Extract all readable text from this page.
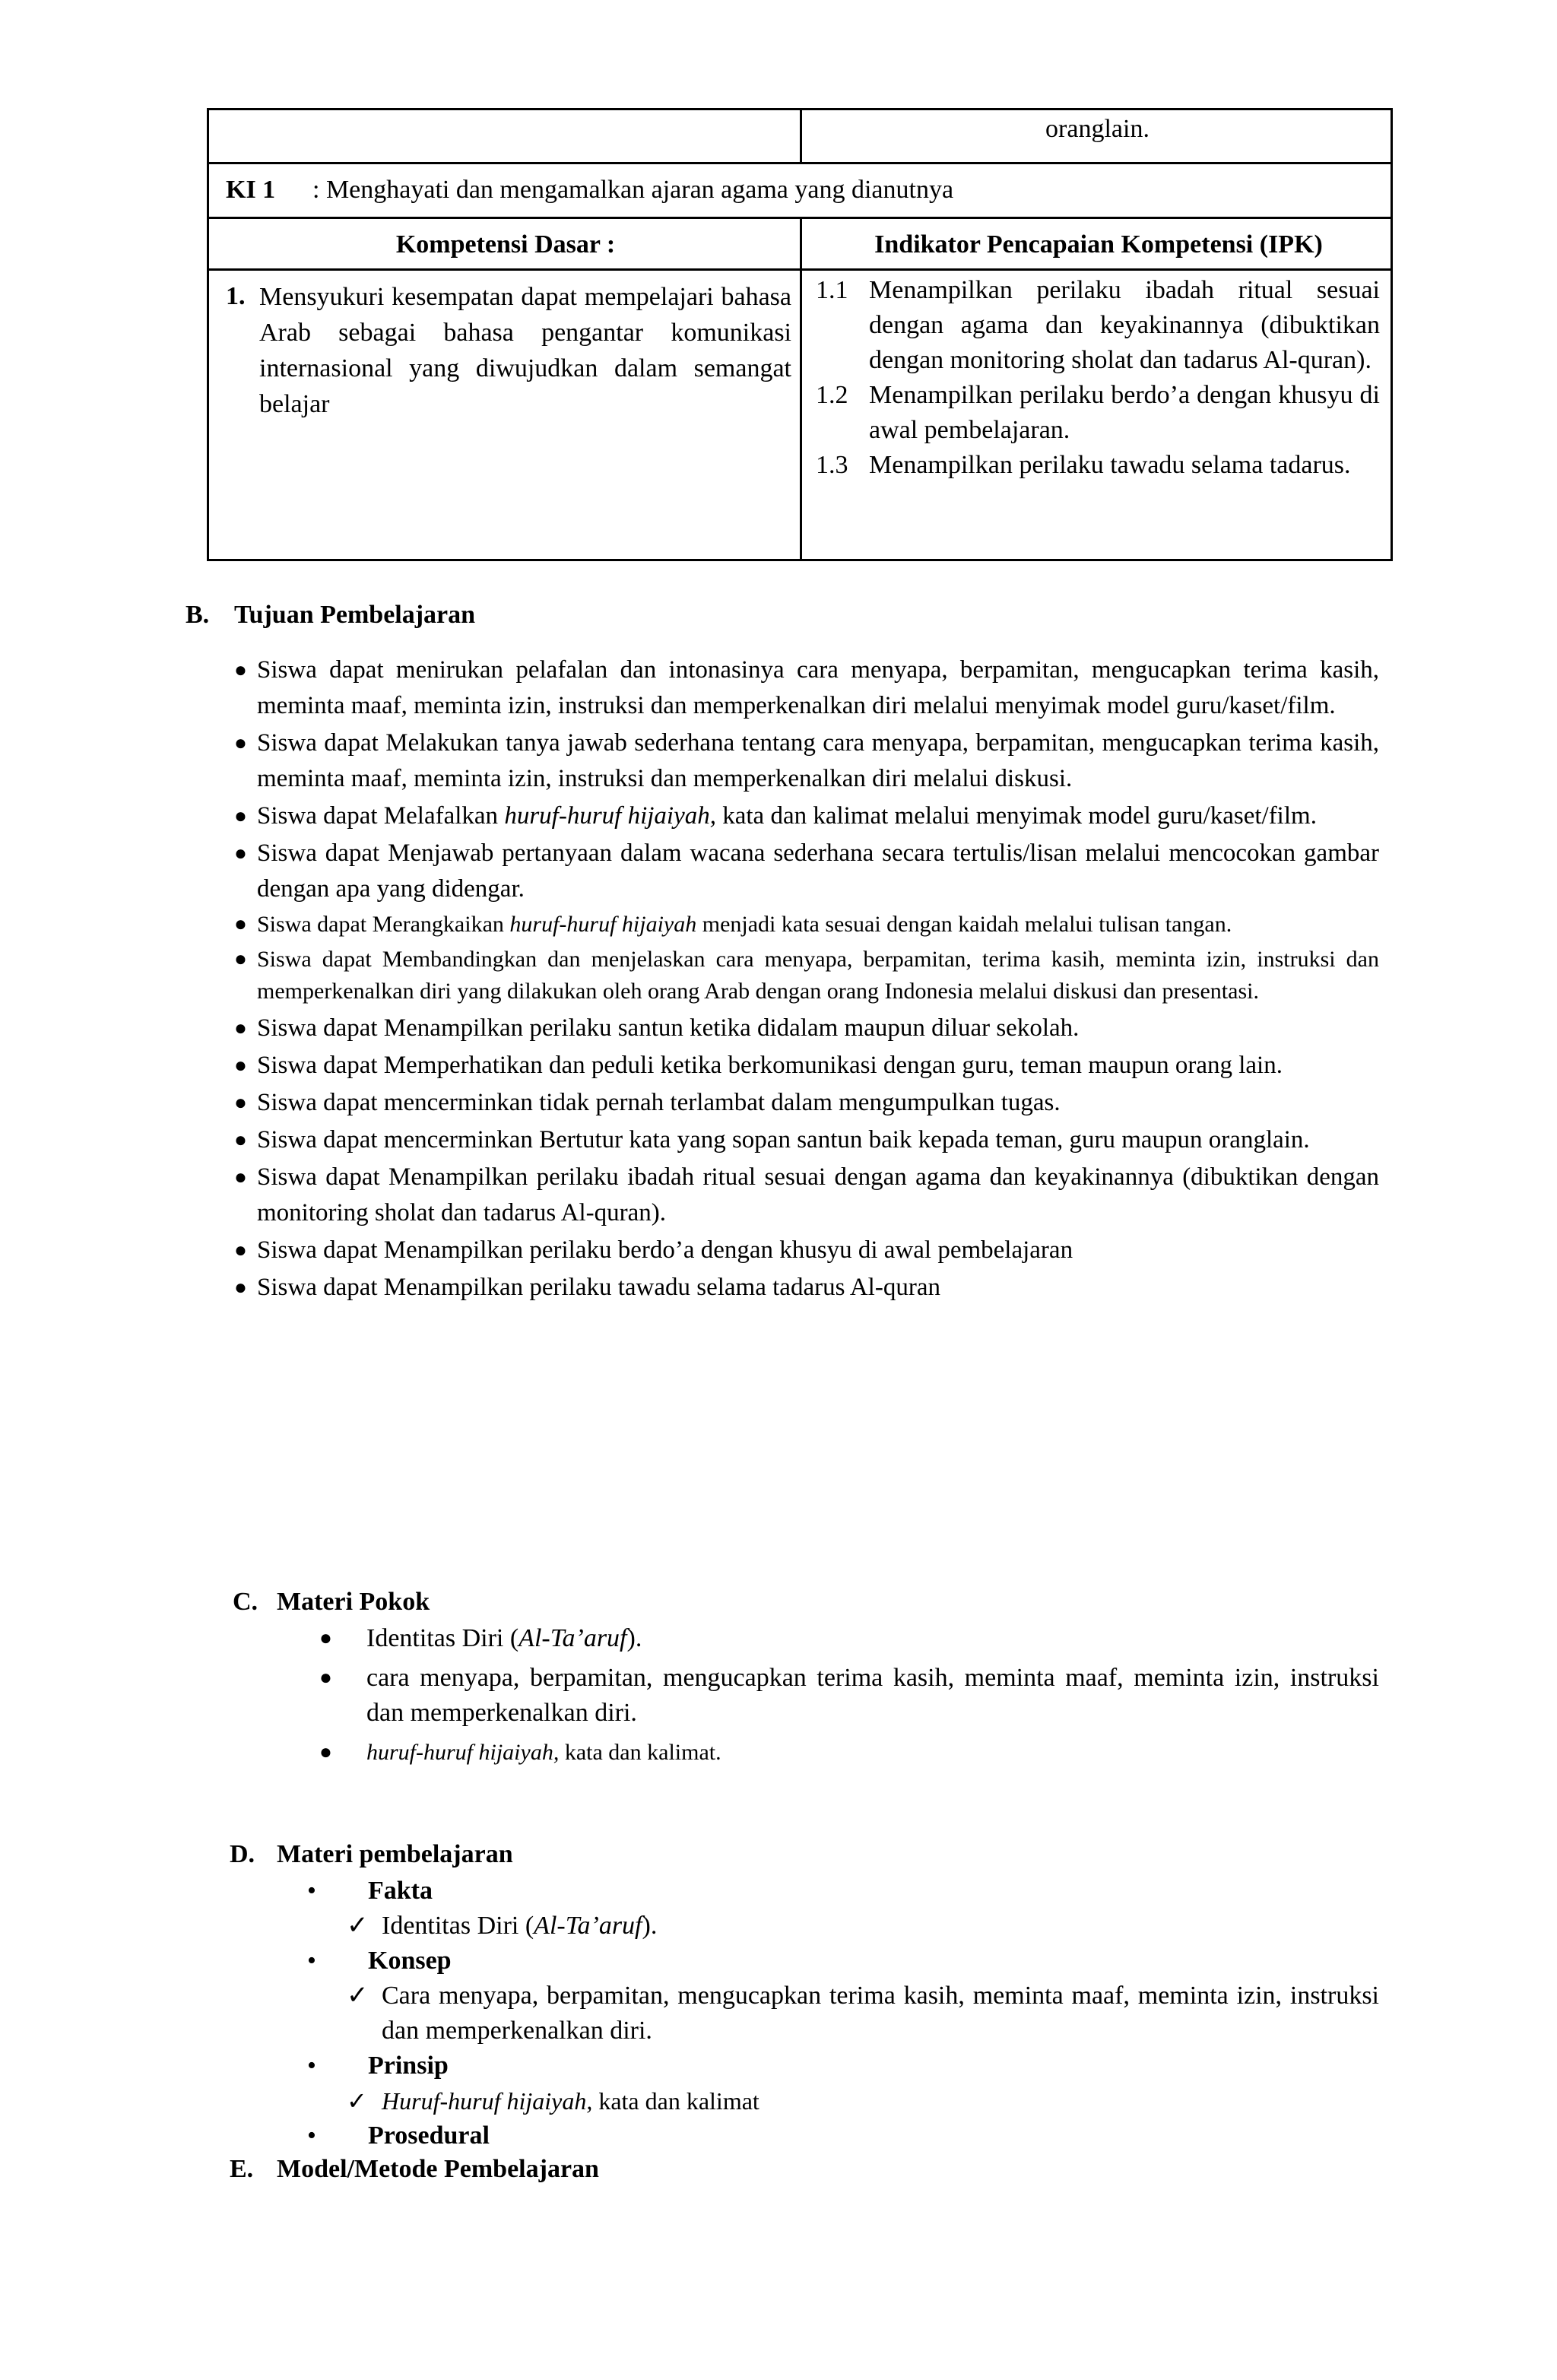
oranglain.
KI 1 : Menghayati dan mengamalkan ajaran agama yang dianutnya
Kompetensi Dasar :	Indikator Pencapaian Kompetensi (IPK)
1. Mensyukuri kesempatan dapat mempelajari bahasa Arab sebagai bahasa pengantar komunikasi internasional yang diwujudkan dalam semangat belajar
1.1 Menampilkan perilaku ibadah ritual sesuai dengan agama dan keyakinannya (dibuktikan dengan monitoring sholat dan tadarus Al-quran).
1.2 Menampilkan perilaku berdo’a dengan khusyu di awal pembelajaran.
1.3 Menampilkan perilaku tawadu selama tadarus.
B. Tujuan Pembelajaran
● Siswa dapat menirukan pelafalan dan intonasinya cara menyapa, berpamitan, mengucapkan terima kasih, meminta maaf, meminta izin, instruksi dan memperkenalkan diri melalui menyimak model guru/kaset/film.
● Siswa dapat Melakukan tanya jawab sederhana tentang cara menyapa, berpamitan, mengucapkan terima kasih, meminta maaf, meminta izin, instruksi dan memperkenalkan diri melalui diskusi.
● Siswa dapat Melafalkan huruf-huruf hijaiyah, kata dan kalimat melalui menyimak model guru/kaset/film.
● Siswa dapat Menjawab pertanyaan dalam wacana sederhana secara tertulis/lisan melalui mencocokan gambar dengan apa yang didengar.
● Siswa dapat Merangkaikan huruf-huruf hijaiyah menjadi kata sesuai dengan kaidah melalui tulisan tangan.
● Siswa dapat Membandingkan dan menjelaskan cara menyapa, berpamitan, terima kasih, meminta izin, instruksi dan memperkenalkan diri yang dilakukan oleh orang Arab dengan orang Indonesia melalui diskusi dan presentasi.
● Siswa dapat Menampilkan perilaku santun ketika didalam maupun diluar sekolah.
● Siswa dapat Memperhatikan dan peduli ketika berkomunikasi dengan guru, teman maupun orang lain.
● Siswa dapat mencerminkan tidak pernah terlambat dalam mengumpulkan tugas.
● Siswa dapat mencerminkan Bertutur kata yang sopan santun baik kepada teman, guru maupun oranglain.
● Siswa dapat Menampilkan perilaku ibadah ritual sesuai dengan agama dan keyakinannya (dibuktikan dengan monitoring sholat dan tadarus Al-quran).
● Siswa dapat Menampilkan perilaku berdo’a dengan khusyu di awal pembelajaran
● Siswa dapat Menampilkan perilaku tawadu selama tadarus Al-quran
C. Materi Pokok
● Identitas Diri (Al-Ta’aruf).
● cara menyapa, berpamitan, mengucapkan terima kasih, meminta maaf, meminta izin, instruksi dan memperkenalkan diri.
● huruf-huruf hijaiyah, kata dan kalimat.
D. Materi pembelajaran
• Fakta
✓ Identitas Diri (Al-Ta’aruf).
• Konsep
✓ Cara menyapa, berpamitan, mengucapkan terima kasih, meminta maaf, meminta izin, instruksi dan memperkenalkan diri.
• Prinsip
✓ Huruf-huruf hijaiyah, kata dan kalimat
• Prosedural
E. Model/Metode Pembelajaran
